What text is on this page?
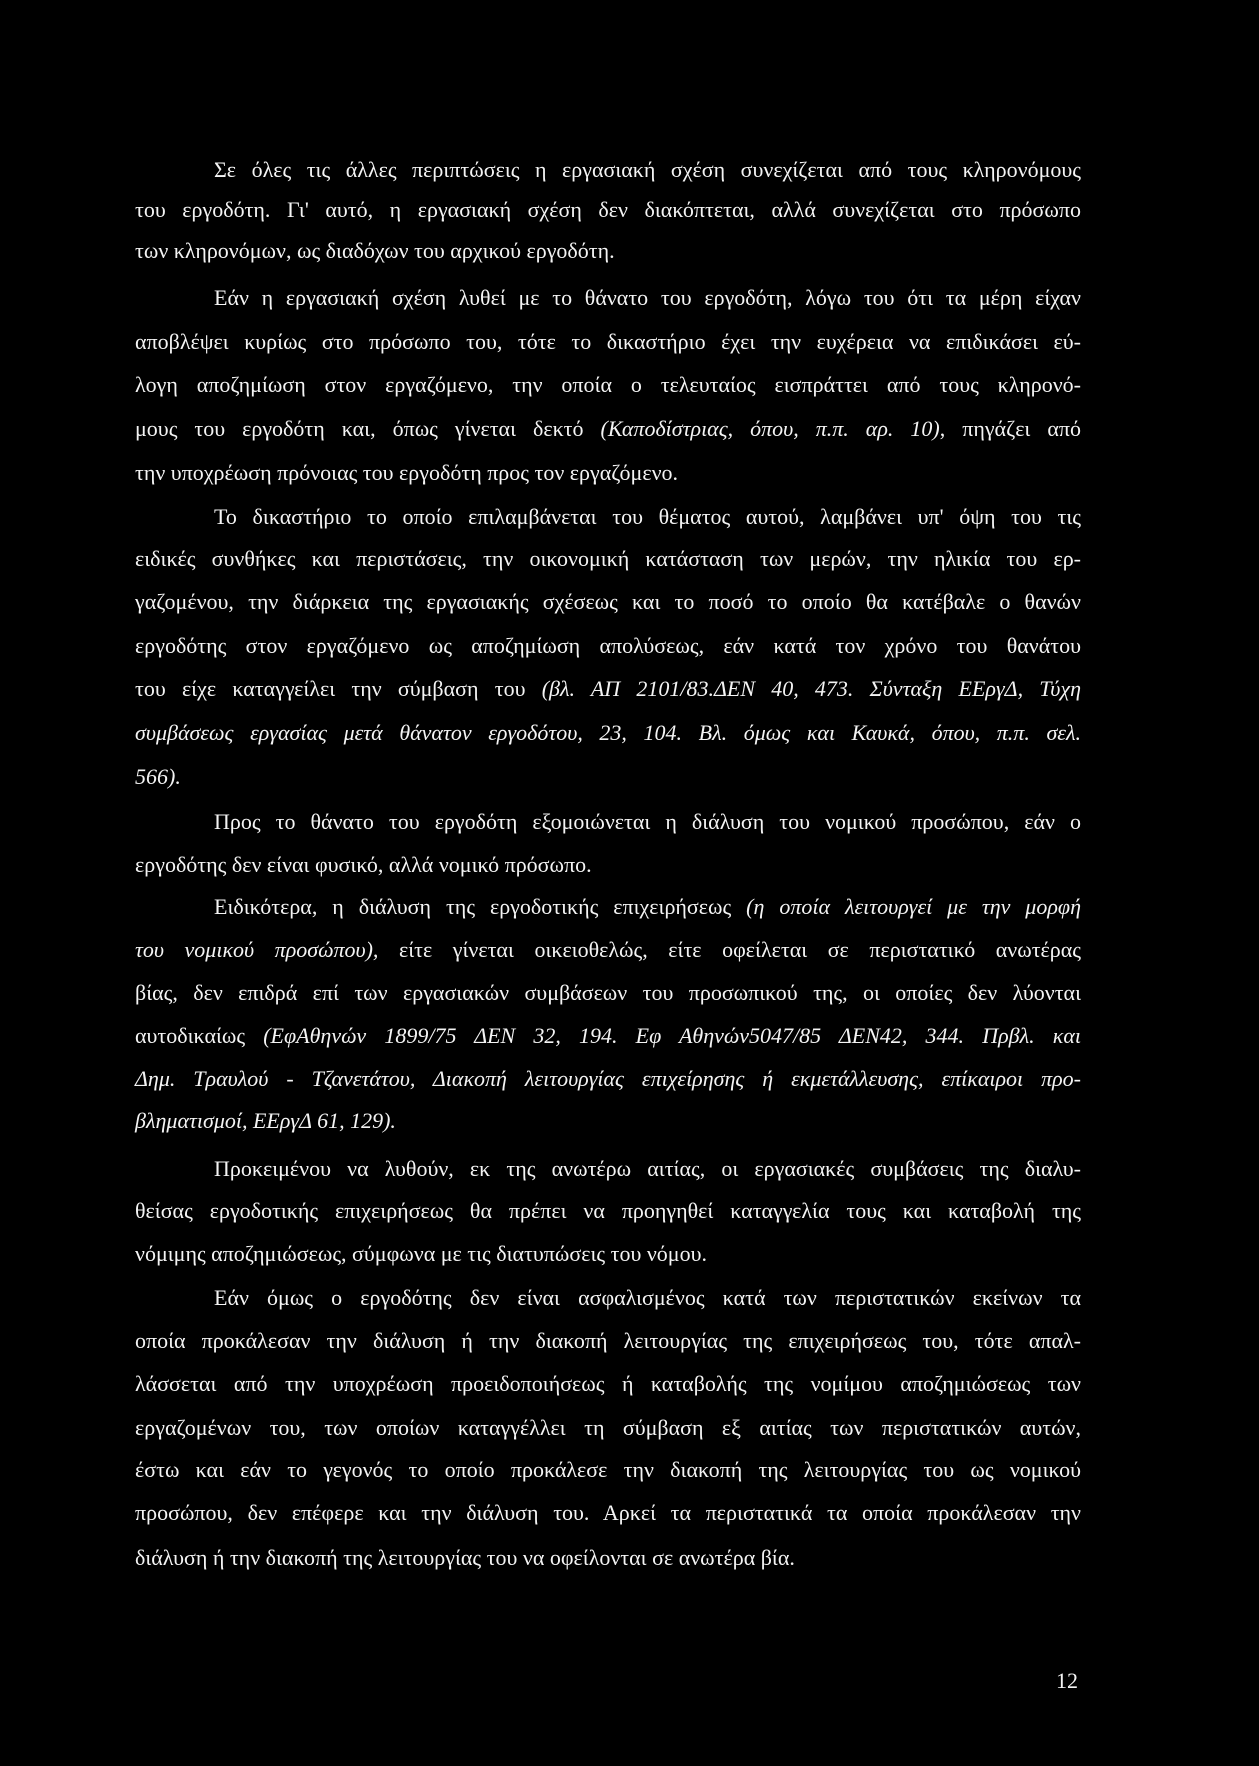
Σε όλες τις άλλες περιπτώσεις η εργασιακή σχέση συνεχίζεται από τους κληρονόμους
του εργοδότη. Γι' αυτό, η εργασιακή σχέση δεν διακόπτεται, αλλά συνεχίζεται στο πρόσωπο
των κληρονόμων, ως διαδόχων του αρχικού εργοδότη.
Εάν η εργασιακή σχέση λυθεί με το θάνατο του εργοδότη, λόγω του ότι τα μέρη είχαν
αποβλέψει κυρίως στο πρόσωπο του, τότε το δικαστήριο έχει την ευχέρεια να επιδικάσει εύ-
λογη αποζημίωση στον εργαζόμενο, την οποία ο τελευταίος εισπράττει από τους κληρονό-
μους του εργοδότη και, όπως γίνεται δεκτό (Καποδίστριας, όπου, π.π. αρ. 10), πηγάζει από
την υποχρέωση πρόνοιας του εργοδότη προς τον εργαζόμενο.
Το δικαστήριο το οποίο επιλαμβάνεται του θέματος αυτού, λαμβάνει υπ' όψη του τις
ειδικές συνθήκες και περιστάσεις, την οικονομική κατάσταση των μερών, την ηλικία του ερ-
γαζομένου, την διάρκεια της εργασιακής σχέσεως και το ποσό το οποίο θα κατέβαλε ο θανών
εργοδότης στον εργαζόμενο ως αποζημίωση απολύσεως, εάν κατά τον χρόνο του θανάτου
του είχε καταγγείλει την σύμβαση του (βλ. ΑΠ 2101/83.ΔΕΝ 40, 473. Σύνταξη ΕΕργΔ, Τύχη
συμβάσεως εργασίας μετά θάνατον εργοδότου, 23, 104. Βλ. όμως και Καυκά, όπου, π.π. σελ.
566).
Προς το θάνατο του εργοδότη εξομοιώνεται η διάλυση του νομικού προσώπου, εάν ο
εργοδότης δεν είναι φυσικό, αλλά νομικό πρόσωπο.
Ειδικότερα, η διάλυση της εργοδοτικής επιχειρήσεως (η οποία λειτουργεί με την μορφή
του νομικού προσώπου), είτε γίνεται οικειοθελώς, είτε οφείλεται σε περιστατικό ανωτέρας
βίας, δεν επιδρά επί των εργασιακών συμβάσεων του προσωπικού της, οι οποίες δεν λύονται
αυτοδικαίως (ΕφΑθηνών 1899/75 ΔΕΝ 32, 194. Εφ Αθηνών5047/85 ΔΕΝ42, 344. Πρβλ. και
Δημ. Τραυλού - Τζανετάτου, Διακοπή λειτουργίας επιχείρησης ή εκμετάλλευσης, επίκαιροι προ-
βληματισμοί, ΕΕργΔ 61, 129).
Προκειμένου να λυθούν, εκ της ανωτέρω αιτίας, οι εργασιακές συμβάσεις της διαλυ-
θείσας εργοδοτικής επιχειρήσεως θα πρέπει να προηγηθεί καταγγελία τους και καταβολή της
νόμιμης αποζημιώσεως, σύμφωνα με τις διατυπώσεις του νόμου.
Εάν όμως ο εργοδότης δεν είναι ασφαλισμένος κατά των περιστατικών εκείνων τα
οποία προκάλεσαν την διάλυση ή την διακοπή λειτουργίας της επιχειρήσεως του, τότε απαλ-
λάσσεται από την υποχρέωση προειδοποιήσεως ή καταβολής της νομίμου αποζημιώσεως των
εργαζομένων του, των οποίων καταγγέλλει τη σύμβαση εξ αιτίας των περιστατικών αυτών,
έστω και εάν το γεγονός το οποίο προκάλεσε την διακοπή της λειτουργίας του ως νομικού
προσώπου, δεν επέφερε και την διάλυση του. Αρκεί τα περιστατικά τα οποία προκάλεσαν την
διάλυση ή την διακοπή της λειτουργίας του να οφείλονται σε ανωτέρα βία.
12
